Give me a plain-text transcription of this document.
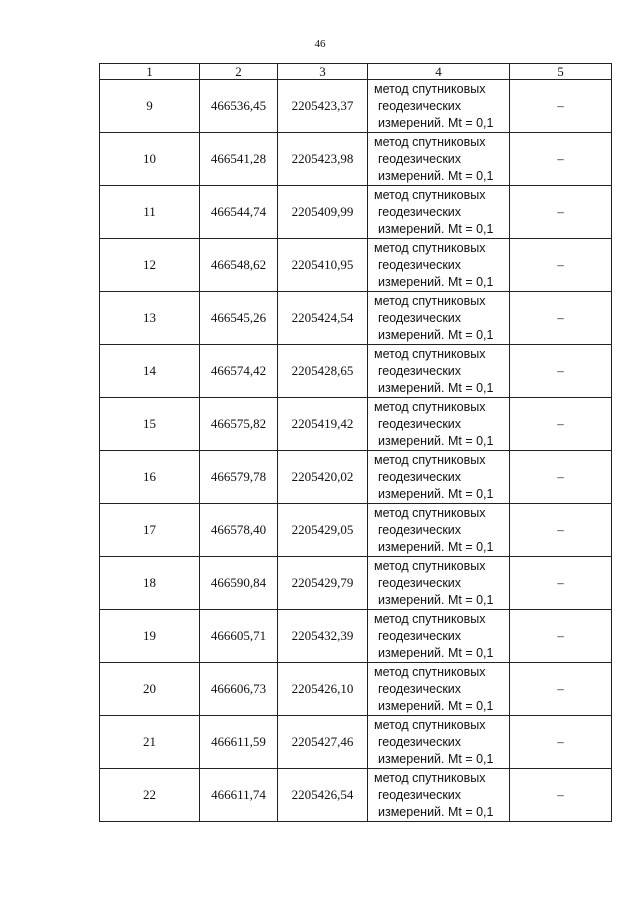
46
1	2	3	4	5
9	466536,45	2205423,37	метод спутниковых
геодезических
измерений. Mt = 0,1	–
10	466541,28	2205423,98	метод спутниковых
геодезических
измерений. Mt = 0,1	–
11	466544,74	2205409,99	метод спутниковых
геодезических
измерений. Mt = 0,1	–
12	466548,62	2205410,95	метод спутниковых
геодезических
измерений. Mt = 0,1	–
13	466545,26	2205424,54	метод спутниковых
геодезических
измерений. Mt = 0,1	–
14	466574,42	2205428,65	метод спутниковых
геодезических
измерений. Mt = 0,1	–
15	466575,82	2205419,42	метод спутниковых
геодезических
измерений. Mt = 0,1	–
16	466579,78	2205420,02	метод спутниковых
геодезических
измерений. Mt = 0,1	–
17	466578,40	2205429,05	метод спутниковых
геодезических
измерений. Mt = 0,1	–
18	466590,84	2205429,79	метод спутниковых
геодезических
измерений. Mt = 0,1	–
19	466605,71	2205432,39	метод спутниковых
геодезических
измерений. Mt = 0,1	–
20	466606,73	2205426,10	метод спутниковых
геодезических
измерений. Mt = 0,1	–
21	466611,59	2205427,46	метод спутниковых
геодезических
измерений. Mt = 0,1	–
22	466611,74	2205426,54	метод спутниковых
геодезических
измерений. Mt = 0,1	–
